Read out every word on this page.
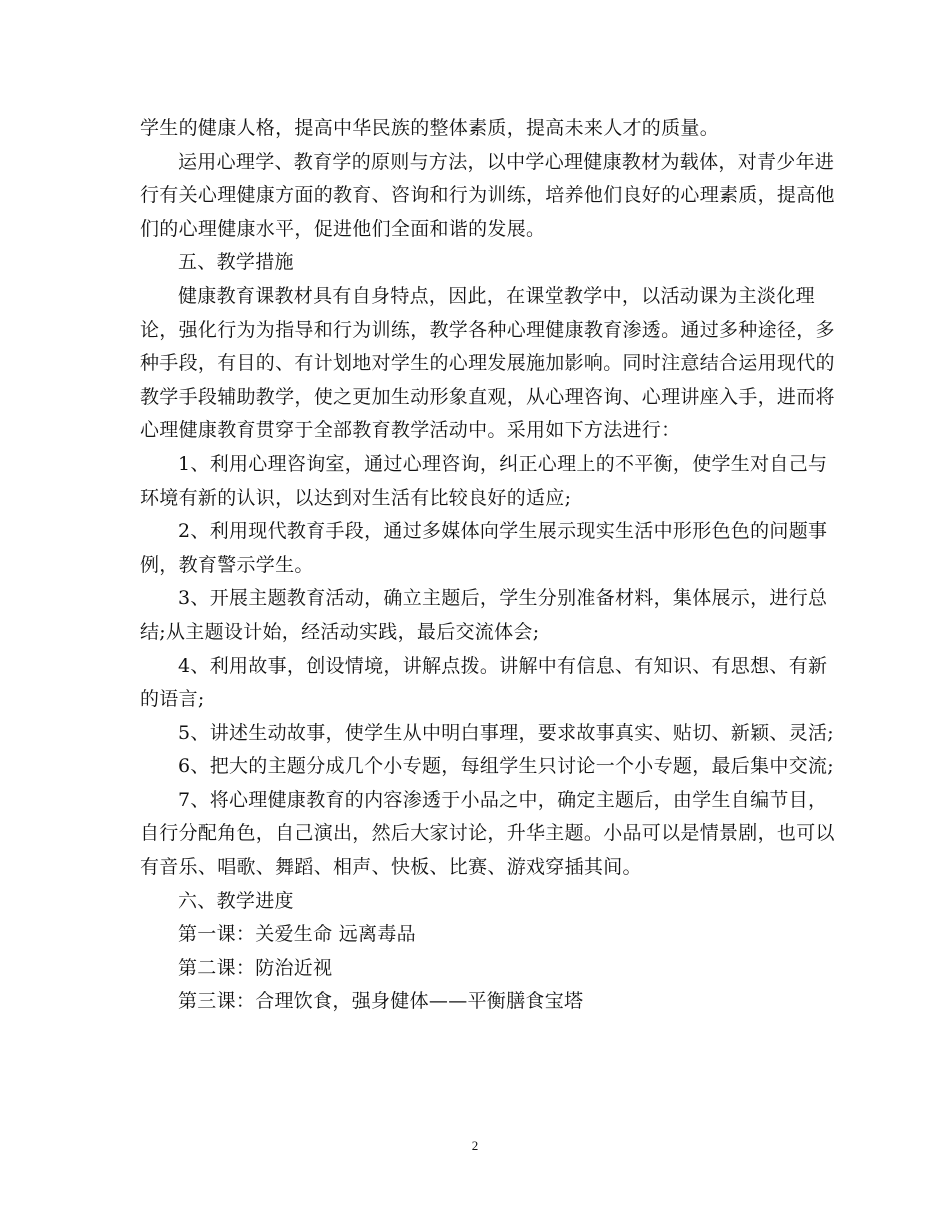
学生的健康人格，提高中华民族的整体素质，提高未来人才的质量。

运用心理学、教育学的原则与方法，以中学心理健康教材为载体，对青少年进
行有关心理健康方面的教育、咨询和行为训练，培养他们良好的心理素质，提高他
们的心理健康水平，促进他们全面和谐的发展。

五、教学措施

健康教育课教材具有自身特点，因此，在课堂教学中，以活动课为主淡化理
论，强化行为为指导和行为训练，教学各种心理健康教育渗透。通过多种途径，多
种手段，有目的、有计划地对学生的心理发展施加影响。同时注意结合运用现代的
教学手段辅助教学，使之更加生动形象直观，从心理咨询、心理讲座入手，进而将
心理健康教育贯穿于全部教育教学活动中。采用如下方法进行：

1、利用心理咨询室，通过心理咨询，纠正心理上的不平衡，使学生对自己与
环境有新的认识，以达到对生活有比较良好的适应;

2、利用现代教育手段，通过多媒体向学生展示现实生活中形形色色的问题事
例，教育警示学生。

3、开展主题教育活动，确立主题后，学生分别准备材料，集体展示，进行总
结;从主题设计始，经活动实践，最后交流体会;

4、利用故事，创设情境，讲解点拨。讲解中有信息、有知识、有思想、有新
的语言;

5、讲述生动故事，使学生从中明白事理，要求故事真实、贴切、新颖、灵活;

6、把大的主题分成几个小专题，每组学生只讨论一个小专题，最后集中交流;

7、将心理健康教育的内容渗透于小品之中，确定主题后，由学生自编节目，
自行分配角色，自己演出，然后大家讨论，升华主题。小品可以是情景剧，也可以
有音乐、唱歌、舞蹈、相声、快板、比赛、游戏穿插其间。

六、教学进度

第一课：关爱生命 远离毒品

第二课：防治近视

第三课：合理饮食，强身健体——平衡膳食宝塔

2
